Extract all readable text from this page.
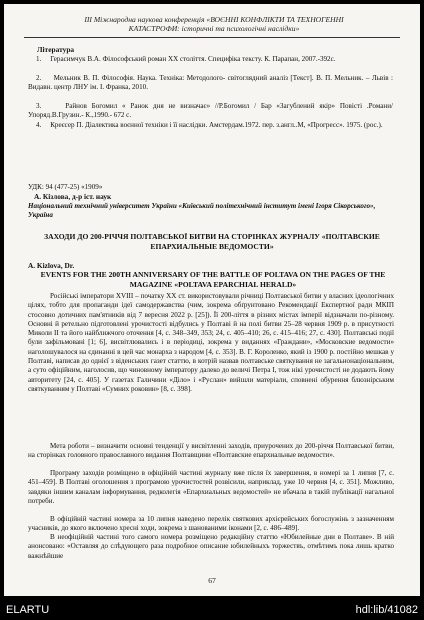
ІІІ Міжнародна наукова конференція «ВОЄННІ КОНФЛІКТИ ТА ТЕХНОГЕННІ
КАТАСТРОФИ: історичні та психологічні наслідки»
Література
1. Герасимчук В.А. Філософський роман ХХ століття. Специфіка тексту. К. Парапан, 2007.-392с.
2. Мельник В. П. Філософія. Наука. Техніка: Методолого- світоглядний аналіз [Текст]. В. П. Мельник. – Львів : Видавн. центр ЛНУ ім. І. Франка, 2010.
3.	Райнов Богомил « Ранок дня не визначає» //Р.Богомил / Бар «Загублений якір» Повісті .Романи/ Упоряд.В.Грузин.- К.,1990.- 672 с.
4. Креєсер П. Діалектика воєнної техніки і її наслідки. Амстердам.1972. пер. з.англ..М, «Прогресс». 1975. (рос.).
УДК: 94 (477-25) «1909»
А. Кізлова, д-р іст. наук
Національний технічний університет України «Київський політехнічний інститут імені Ігоря Сікорського», Україна
ЗАХОДИ ДО 200-РІЧЧЯ ПОЛТАВСЬКОЇ БИТВИ НА СТОРІНКАХ ЖУРНАЛУ «ПОЛТАВСКИЕ ЕПАРХИАЛЬНЫЕ ВЕДОМОСТИ»
A. Kizlova, Dr.
EVENTS FOR THE 200TH ANNIVERSARY OF THE BATTLE OF POLTAVA ON THE PAGES OF THE MAGAZINE «POLTAVA EPARCHIAL HERALD»
Російські імператори XVIII – початку ХХ ст. використовували річниці Полтавської битви у власних ідеологічних цілях, тобто для пропаганди ідеї самодержавства (чим, зокрема обґрунтовано Рекомендації Експертної ради МКІП стосовно дотичних пам'ятників від 7 вересня 2022 р. [25]). Її 200-ліття в різних містах імперії відзначали по-різному. Основні й ретельно підготовлені урочистості відбулись у Полтаві й на полі битви 25–28 червня 1909 р. в присутності Миколи ІІ та його найближчого оточення [4, с. 348–349, 353; 24, с. 405–410; 26, с. 415–416; 27, с. 430]. Полтавські події були зафільмовані [1; 6], висвітлювались і в періодиці, зокрема у виданнях «Граждани», «Московские ведомости» наголошувалося на єдинанні в цей час монарха з народом [4, с. 353]. В. Г. Короленко, який із 1900 р. постійно мешкав у Полтаві, написав до однієї з віденських газет статтю, в котрій назвав полтавське святкування не загальнонаціональним, а суто офіційним, наголосив, що чиновному імператору далеко до величі Петра І, тож нікі урочистості не додають йому авторитету [24, с. 405]. У газетах Галичини «Діло» і «Руслан» вийшли матеріали, сповнені обурення блюзнірським святкуванням у Полтаві «Сумних роковин» [8, с. 398].
Мета роботи – визначити основні тенденції у висвітленні заходів, приурочених до 200-річчя Полтавської битви, на сторінках головного православного видання Полтавщини «Полтавские епархиальные ведомости».
Програму заходів розміщено в офіційній частині журналу вже після їх завершення, в номері за 1 липня [7, с. 451–459]. В Полтаві оголошення з програмою урочистостей розвісили, наприклад, уже 10 червня [4, с. 351]. Можливо, завдяки іншим каналам інформування, редколегія «Епархиальных ведомостей» не вбачала в такій публікації нагальної потреби.
В офіційній частині номера за 10 липня наведено перелік святкових архієрейських богослужінь з зазначенням учасників, до якого включено хресні ходи, зокрема з шанованими іконами [2, с. 486–489].
В неофіційній частині того самого номера розміщено редакційну статтю «Юбилейные дни в Полтаве». В ній анонсовано: «Оставляя до слѣдующего раза подробное описание юбилейныхъ торжествъ, отмѣтимъ пока лишь кратко важнѣйшие
67
ELARTU	hdl:lib/41082
